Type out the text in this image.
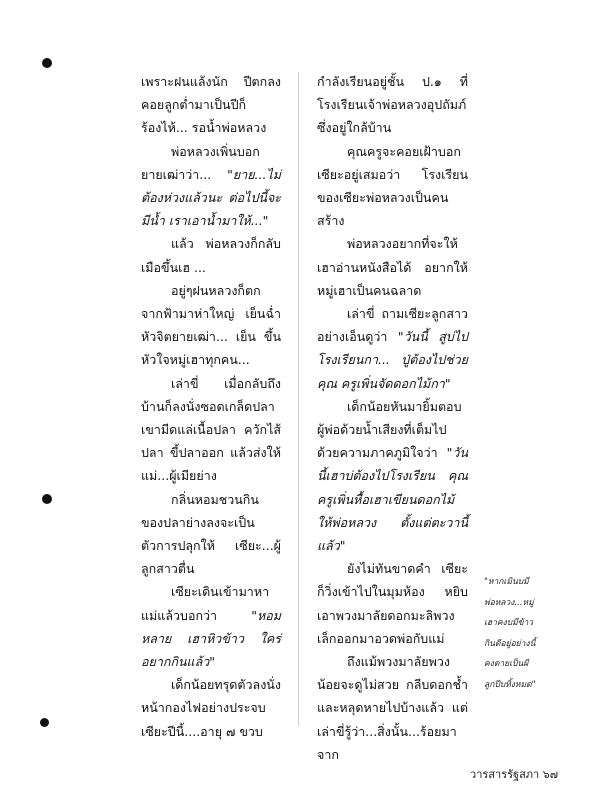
เพราะฝนแล้งนัก ปีตกลงคอยลูกต่ำมาเป็นปีก็ร้องไห้... รอน้ำพ่อหลวง

พ่อหลวงเพิ่นบอกยายเฒ่าว่า... "ยาย...ไม่ต้องห่วงแล้วนะ ต่อไปนี้จะมีน้ำ เราเอาน้ำมาให้..."

แล้ว พ่อหลวงก็กลับเมือขึ้นเฮ ...

อยู่ๆฝนหลวงก็ตกจากฟ้ามาห่าใหญ่ เย็นฉ่ำหัวจิตยายเฒ่า... เย็น ขึ้นหัวใจหมู่เฮาทุกคน...

เล่าขี่ เมื่อกลับถึงบ้านก็ลงนั่งซอดเกล็ดปลา เขามีดแล่เนื้อปลา ควักไส้ปลา ขี้ปลาออก แล้วส่งให้แม่...ผู้เมียย่าง

กลิ่นหอมชวนกินของปลาย่างลงจะเป็นตัวการปลุกให้ เซียะ...ผู้ลูกสาวตื่น

เซียะเดินเข้ามาหาแม่แล้วบอกว่า "หอมหลาย เฮาหิวข้าว ใคร่ อยากกินแล้ว"

เด็กน้อยทรุดตัวลงนั่งหน้ากองไฟอย่างประจบ เซียะปีนี้....อายุ ๗ ขวบ

กำลังเรียนอยู่ชั้น ป.๑ ที่โรงเรียนเจ้าพ่อหลวงอุปถัมภ์ ซึ่งอยู่ใกล้บ้าน

คุณครูจะคอยเฝ้าบอกเซียะอยู่เสมอว่า โรงเรียนของเซียะพ่อหลวงเป็นคนสร้าง

พ่อหลวงอยากที่จะให้เฮาอ่านหนังสือได้ อยากให้หมู่เฮาเป็นคนฉลาด

เล่าขี่ ถามเซียะลูกสาวอย่างเอ็นดูว่า "วันนี้ สูบ่ไปโรงเรียนกา... ปู่ต้องไปช่วยคุณ ครูเพิ่นจัดดอกไม้กา"

เด็กน้อยหันมายิ้มตอบผู้พ่อด้วยน้ำเสียงที่เต็มไปด้วยความภาคภูมิใจว่า "วันนี้เฮาบ่ต้องไปโรงเรียน คุณครูเพิ่นหื้อเฮาเขียนดอกไม้ให้พ่อหลวง ตั้งแต่ตะวานี้แล้ว"

ยังไม่ทันขาดคำ เซียะก็วิ่งเข้าไปในมุมห้อง หยิบเอาพวงมาลัยดอกมะลิพวงเล็กออกมาอวดพ่อกับแม่

ถึงแม้พวงมาลัยพวงน้อยจะดูไม่สวย กลีบดอกช้ำและหลุดหายไปบ้างแล้ว แต่เล่าขี่รู้ว่า...สิ่งนั้น...ร้อยมาจาก

"หากเมินบมี

พ่อหลวง...หมู่

เฮาคงบมีข้าว

กินดีอยู่อย่างนี้

คงตายเป็นผี

ลูกปีบทิ้งหมด"

วารสารรัฐสภา ๖๗
